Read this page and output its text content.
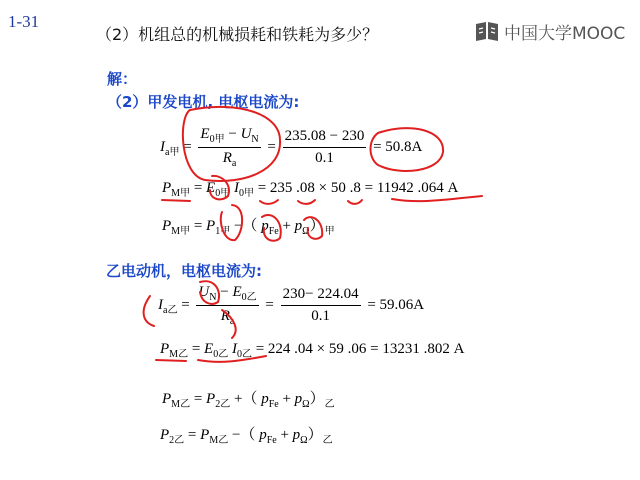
1-31
（2）机组总的机械损耗和铁耗为多少？	中国大学MOOC
解：
（2）甲发电机, 电枢电流为:
$I_{a甲} = \frac{E_{0甲} - U_N}{R_a} = \frac{235.08 - 230}{0.1} = 50.8A$
$P_{M甲} = E_{0甲}$ $I_{0甲} = 235$ .08 × 50 .8 = 11942 .064 A
$P_{M甲} = P_{1甲}$ −（ $p_{Fe} + p_\Omega)_甲$
乙电动机，电枢电流为:
$I_{a乙} = \frac{U_N - E_{0乙}}{R_a} = \frac{230- 224.04}{0.1} = 59.06A$
$P_{M乙} = E_{0乙}$ $I_{0乙} = 224$ .04 × 59 .06 = 13231 .802 A
$P_{M乙} = P_{2乙}$ +（ $p_{Fe} + p_\Omega)_乙$
$P_{2乙} = P_{M乙}$ −（ $p_{Fe} + p_\Omega)_乙$
